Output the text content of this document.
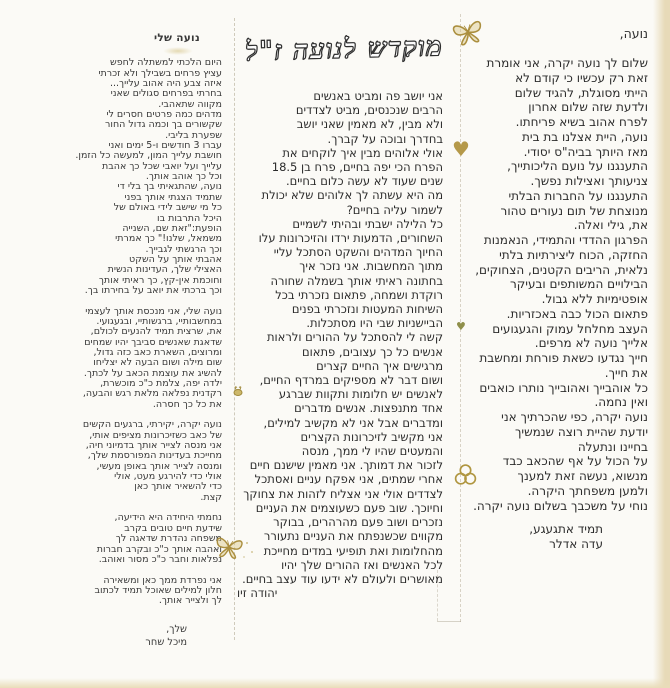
נועה,
שלום לך נועה יקרה, אני אומרת
זאת רק עכשיו כי קודם לא
הייתי מסוגלת, להגיד שלום
ולדעת שזה שלום אחרון
לפרח אהוב בשיא פריחתו.
נועה, היית אצלנו בת בית
מאז היותך בביה"ס יסודי.
התענגנו על נועם הליכותייך,
צניעותך ואצילות נפשך.
התענגנו על החברות הבלתי
מנוצחת של תום נעורים טהור
את, גילי ואלה.
הפרגון ההדדי והתמידי, הנאמנות
החזקה, הכוח ליצירתיות בלתי
נלאית, הריבים הקטנים, הצחוקים,
הבילויים המשותפים ובעיקר
אופטימיות ללא גבול.
פתאום הכול כבה באכזריות.
העצב מחלחל עמוק והגעגועים
אלייך נועה לא מרפים.
חייך נגדעו כשאת פורחת ומחשבת
את חייך.
כל אוהבייך ואהובייך נותרו כואבים
ואין נחמה.
נועה יקרה, כפי שהכרתיך אני
יודעת שהיית רוצה שנמשיך
בחיינו ונתעלה
על הכול על אף שהכאב כבד
מנשוא, נעשה זאת למענך
ולמען משפחתך היקרה.
נוחי על משכבך בשלום נועה יקרה.
תמיד אתגעגע,
עדה אדלר
מוקדש לנועה ז"ל
אני יושב פה ומביט באנשים
הרבים שנכנסים, מביט לצדדים
ולא מבין, לא מאמין שאני יושב
בחדרך ובוכה על קברך.
אולי אלוהים מבין איך לוקחים את
הפרח הכי יפה בחיים, פרח בן 18.5
שנים שעוד לא עשה כלום בחיים.
מה היא עשתה לך אלוהים שלא יכולת
לשמור עליה בחיים?
כל הלילה ישבתי ובהיתי לשמיים
השחורים, הדמעות ירדו והזיכרונות עלו
החיוך המדהים והשקט הסתכל עליי
מתוך המחשבות. אני נזכר איך
בחתונה ראיתי אותך בשמלה שחורה
רוקדת ושמחה, פתאום נזכרתי בכל
השיחות המעטות ונזכרתי בפנים
הביישניות שבי היו מסתכלות.
קשה לי להסתכל על ההורים ולראות
אנשים כל כך עצובים, פתאום
מרגישים איך החיים קצרים
ושום דבר לא מספיקים במרדף החיים,
לאנשים יש חלומות ותקוות שברגע
אחד מתנפצות. אנשים מדברים
ומדברים אבל אני לא מקשיב למילים,
אני מקשיב לזיכרונות הקצרים
והמעטים שהיו לי ממך, מנסה
לזכור את דמותך. אני מאמין שישנם חיים
אחרי שמתים, אני אפקח עניים ואסתכל
לצדדים אולי אני אצליח לזהות את צחוקך
וחיוכך. שוב פעם כשעוצמים את העניים
נזכרים ושוב פעם מהרהרים, בבוקר
מקווים שכשנפתח את העניים נתעורר
מהחלומות ואת תופיעי במדים מחייכת
לכל האנשים ואז ההורים שלך יהיו
מאושרים ולעולם לא ידעו עוד עצב בחיים.
יהודה זיו
נועה שלי
היום הלכתי למשתלה לחפש
עציץ פרחים בשבילך ולא זכרתי
איזה צבע היה אהוב עלייך...
בחרתי בפרחים סגולים שאני
מקווה שתאהבי.
מדהים כמה פרטים חסרים לי
שקשורים בך וכמה גדול החור
שפערת בליבי.
עברו 3 חודשים ו-5 ימים ואני
חושבת עלייך המון, למעשה כל הזמן.
עלייך ועל יואבי שכל כך אהבת
וכל כך אוהב אותך.
נועה, שהתגאיתי בך בלי די
שתמיד הצגתי אותך בפני
כל מי שישב לידי באולם של
היכל התרבות בו
הופעת:"זאת שם, השנייה
משמאל, שלנו!" כך אמרתי
וכך הרגשתי לגבייך.
אהבתי אותך על השקט
האצילי שלך, העדינות הנשית
וחוכמת אין-קץ, כך ראיתי אותך
וכך ברכתי את יואב על בחירתו בך.

נועה שלי, אני מנכסת אותך לעצמי
במחשבותיי, ברגשותיי, ובגעגועי.
את, שרצית תמיד להנעים לכולם,
שדאגת שאנשים סביבך יהיו שמחים
ומרוצים, השארת כאב כזה גדול,
שום מילה ושום הבעה לא יצליחו
להשיג את עוצמת הכאב על לכתך.
ילדה יפה, צלמת כ"כ מוכשרת,
רקדנית נפלאה מלאת רגש והבעה,
את כל כך חסרה.

נועה יקרה, יקירתי, ברגעים הקשים
של כאב כשזיכרונות מציפים אותי,
אני מנסה לצייר אותך בדמיוני חיה,
מחייכת בעדינות המפורסמת שלך,
ומנסה לצייר אותך באופן מעשי,
אולי כדי להירגע מעט, אולי
כדי להשאיר אותך כאן
קצת.

נחמתי היחידה היא הידיעה,
שידעת חיים טובים בקרב
משפחה נהדרת שדאגה לך
ואהבה אותך כ"כ ובקרב חברות
נפלאות וחבר כ"כ מסור ואוהב.

אני נפרדת ממך כאן ומשאירה
חלון למילים שאוכל תמיד לכתוב
לך ולצייר אותך.
שלך,
מיכל שחר
♥
♥
